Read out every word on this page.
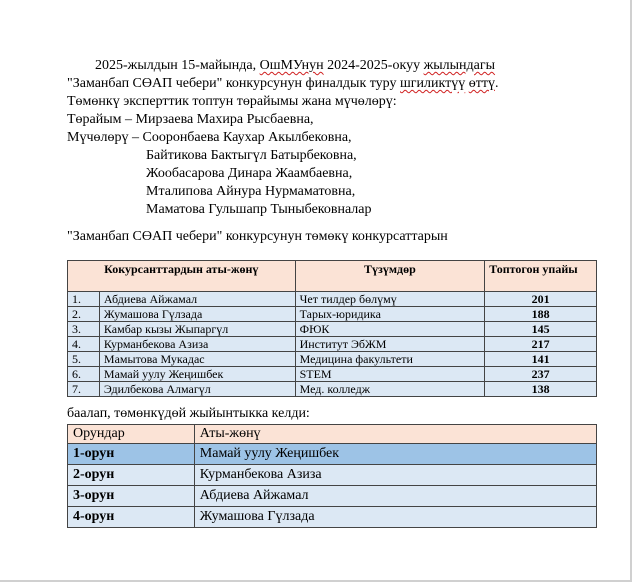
2025-жылдын 15-майында, ОшМУнун 2024-2025-окуу жылындагы
"Заманбап СӨАП чебери" конкурсунун финалдык туру шгиликтүү өттү.
Төмөнкү эксперттик топтун төрайымы жана мүчөлөрү:
Төрайым – Мирзаева Махира Рысбаевна,
Мүчөлөрү – Сооронбаева Каухар Акылбековна,
Байтикова Бактыгүл Батырбековна,
Жообасарова Динара Жаамбаевна,
Мталипова Айнура Нурмаматовна,
Маматова Гульшапр Тыныбековналар
"Заманбап СӨАП чебери" конкурсунун төмөкү конкурсаттарын
Кокурсанттардын аты-жөнү		Түзүмдөр	Топтогон упайы
1.	Абдиева Айжамал	Чет тилдер бөлүмү	201
2.	Жумашова Гүлзада	Тарых-юридика	188
3.	Камбар кызы Жыпаргүл	ФЮК	145
4.	Курманбекова Азиза	Институт ЭбЖМ	217
5.	Мамытова Мукадас	Медицина факультети	141
6.	Мамай уулу Жеңишбек	STEM	237
7.	Эдилбекова Алмагүл	Мед. колледж	138
баалап, төмөнкүдөй жыйынтыкка келди:
Орундар	Аты-жөнү
1-орун	Мамай уулу Жеңишбек
2-орун	Курманбекова Азиза
3-орун	Абдиева Айжамал
4-орун	Жумашова Гүлзада
